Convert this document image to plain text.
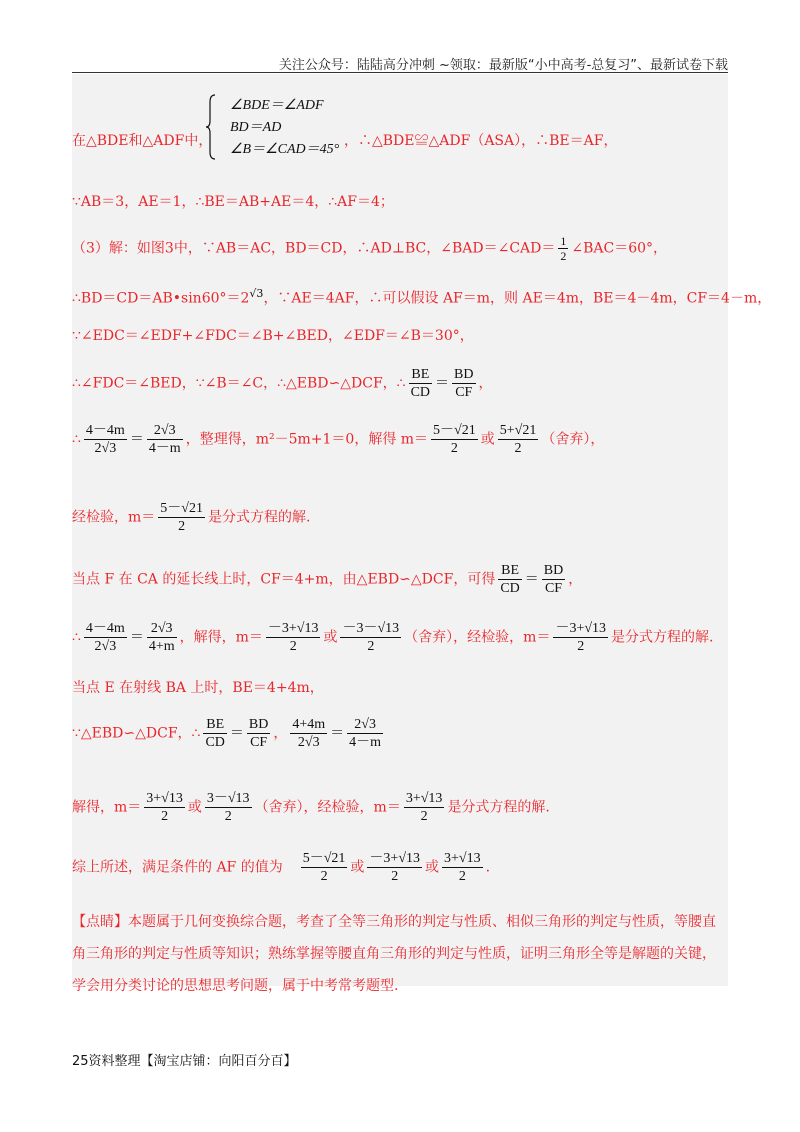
关注公众号：陆陆高分冲刺 ~领取：最新版“小中高考-总复习”、最新试卷下载
在△BDE和△ADF中，
∠BDE＝∠ADF
BD＝AD
∠B＝∠CAD＝45°
，∴△BDE≌△ADF（ASA），∴BE＝AF，
∵AB＝3，AE＝1，∴BE＝AB+AE＝4，∴AF＝4；
（3）解：如图3中，∵AB＝AC，BD＝CD，∴AD⊥BC，∠BAD＝∠CAD＝ $\frac{1}{2}$ ∠BAC＝60°，
$\therefore BD=CD=AB•\sin 60^\circ=2^{√3}$，∵AE＝4AF，∴可以假设 AF＝m，则 AE＝4m，BE＝4－4m，CF＝4－m，
∵∠EDC＝∠EDF+∠FDC＝∠B+∠BED，∠EDF＝∠B＝30°，
∴∠FDC＝∠BED，∵∠B＝∠C，∴△EBD∽△DCF，∴ $\frac{BE}{CD} = \frac{BD}{CF}$ ，
∴ $\frac{4-4m}{2√3} = \frac{2√3}{4-m}$ ，整理得，m²－5m+1＝0，解得 $m= \frac{5-√21}{2}$ 或 $\frac{5+√21}{2}$ （舍弃），
经检验，$m= \frac{5-√21}{2}$ 是分式方程的解.
当点 F 在 CA 的延长线上时，CF＝4+m，由△EBD∽△DCF，可得 $\frac{BE}{CD} = \frac{BD}{CF}$ ，
∴ $\frac{4-4m}{2√3} = \frac{2√3}{4+m}$ ，解得，$m= \frac{-3+√13}{2}$ 或 $\frac{-3-√13}{2}$ （舍弃），经检验，$m= \frac{-3+√13}{2}$ 是分式方程的解.
当点 E 在射线 BA 上时，BE＝4+4m，
∵△EBD∽△DCF，∴ $\frac{BE}{CD} = \frac{BD}{CF}$ ， $\frac{4+4m}{2√3} = \frac{2√3}{4-m}$
解得，$m= \frac{3+√13}{2}$ 或 $\frac{3-√13}{2}$ （舍弃），经检验，$m= \frac{3+√13}{2}$ 是分式方程的解.
综上所述，满足条件的 AF 的值为 $\frac{5-√21}{2}$ 或 $\frac{-3+√13}{2}$ 或 $\frac{3+√13}{2}$ .
【点睛】本题属于几何变换综合题，考查了全等三角形的判定与性质、相似三角形的判定与性质，等腰直
角三角形的判定与性质等知识；熟练掌握等腰直角三角形的判定与性质，证明三角形全等是解题的关键，
学会用分类讨论的思想思考问题，属于中考常考题型.
25资料整理【淘宝店铺：向阳百分百】
